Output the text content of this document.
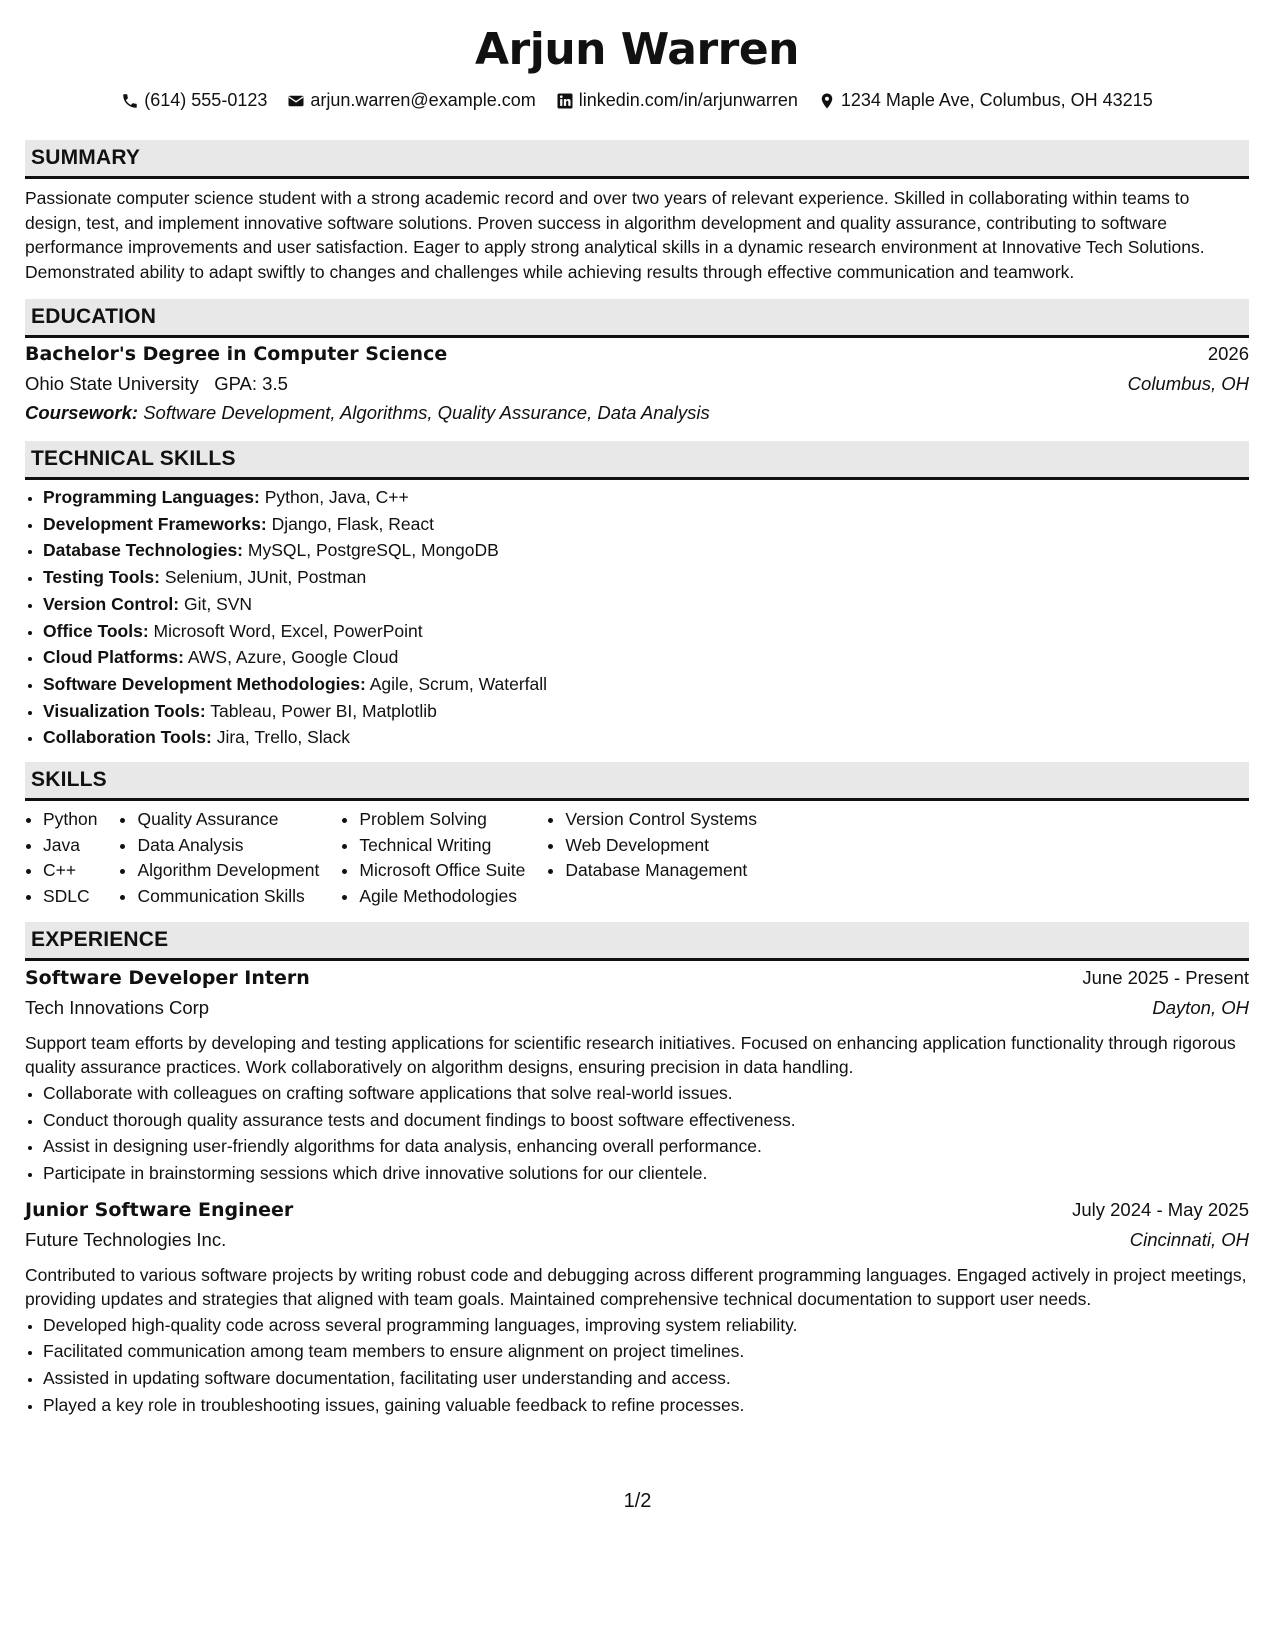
Arjun Warren
(614) 555-0123 arjun.warren@example.com linkedin.com/in/arjunwarren 1234 Maple Ave, Columbus, OH 43215
SUMMARY

Passionate computer science student with a strong academic record and over two years of relevant experience. Skilled in collaborating within teams to design, test, and implement innovative software solutions. Proven success in algorithm development and quality assurance, contributing to software performance improvements and user satisfaction. Eager to apply strong analytical skills in a dynamic research environment at Innovative Tech Solutions. Demonstrated ability to adapt swiftly to changes and challenges while achieving results through effective communication and teamwork.

EDUCATION
Bachelor's Degree in Computer Science	2026
Ohio State University GPA: 3.5	Columbus, OH
Coursework: Software Development, Algorithms, Quality Assurance, Data Analysis
TECHNICAL SKILLS
• Programming Languages: Python, Java, C++
• Development Frameworks: Django, Flask, React
• Database Technologies: MySQL, PostgreSQL, MongoDB
• Testing Tools: Selenium, JUnit, Postman
• Version Control: Git, SVN
• Office Tools: Microsoft Word, Excel, PowerPoint
• Cloud Platforms: AWS, Azure, Google Cloud
• Software Development Methodologies: Agile, Scrum, Waterfall
• Visualization Tools: Tableau, Power BI, Matplotlib
• Collaboration Tools: Jira, Trello, Slack
SKILLS
• Python
• Java
• C++
• SDLC
• Quality Assurance
• Data Analysis
• Algorithm Development
• Communication Skills
• Problem Solving
• Technical Writing
• Microsoft Office Suite
• Agile Methodologies
• Version Control Systems
• Web Development
• Database Management
EXPERIENCE
Software Developer Intern	June 2025 - Present
Tech Innovations Corp	Dayton, OH

Support team efforts by developing and testing applications for scientific research initiatives. Focused on enhancing application functionality through rigorous quality assurance practices. Work collaboratively on algorithm designs, ensuring precision in data handling.

• Collaborate with colleagues on crafting software applications that solve real-world issues.
• Conduct thorough quality assurance tests and document findings to boost software effectiveness.
• Assist in designing user-friendly algorithms for data analysis, enhancing overall performance.
• Participate in brainstorming sessions which drive innovative solutions for our clientele.
Junior Software Engineer	July 2024 - May 2025
Future Technologies Inc.	Cincinnati, OH

Contributed to various software projects by writing robust code and debugging across different programming languages. Engaged actively in project meetings, providing updates and strategies that aligned with team goals. Maintained comprehensive technical documentation to support user needs.

• Developed high-quality code across several programming languages, improving system reliability.
• Facilitated communication among team members to ensure alignment on project timelines.
• Assisted in updating software documentation, facilitating user understanding and access.
• Played a key role in troubleshooting issues, gaining valuable feedback to refine processes.
1/2
